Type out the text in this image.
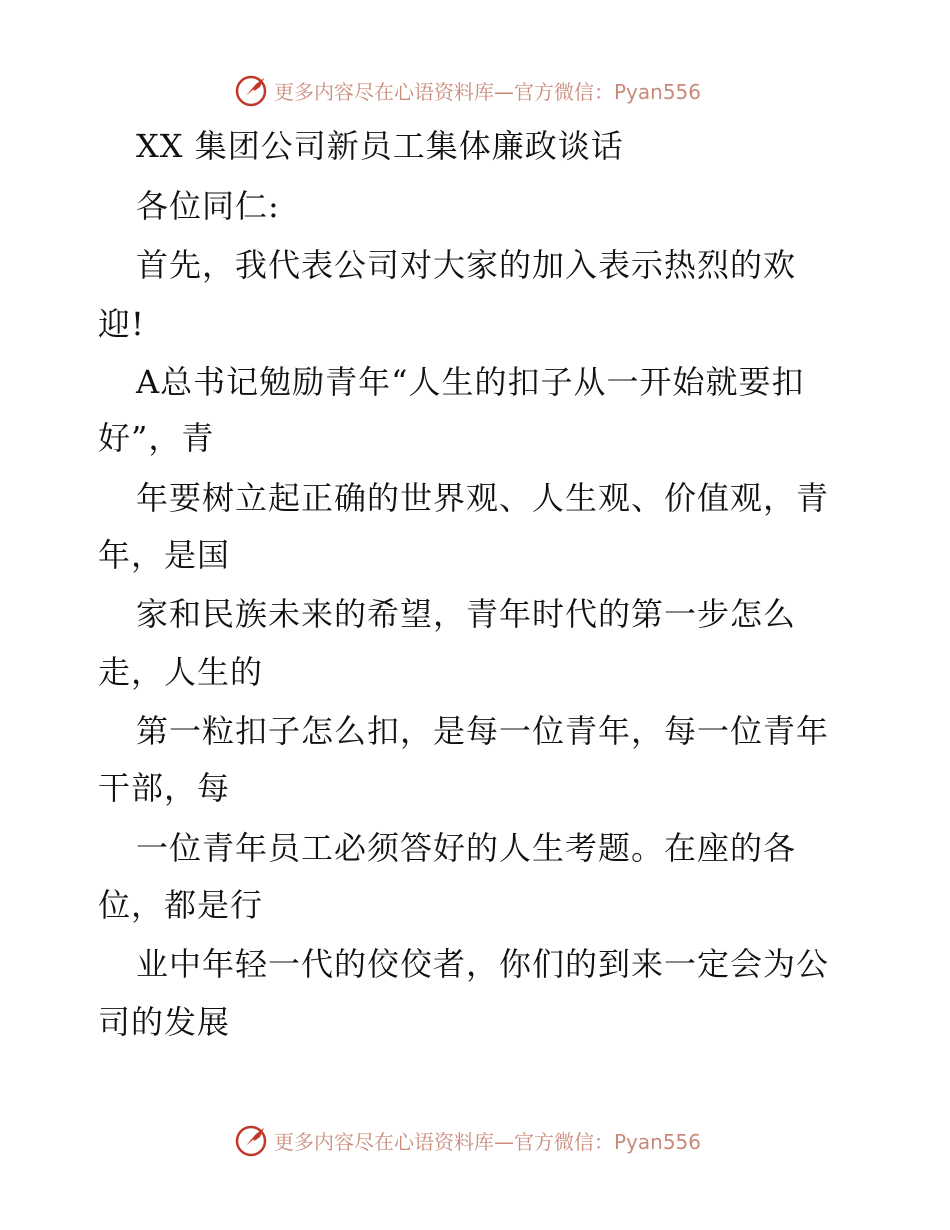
更多内容尽在心语资料库—官方微信：Pyan556
XX 集团公司新员工集体廉政谈话
各位同仁:
首先，我代表公司对大家的加入表示热烈的欢
迎!
A总书记勉励青年“人生的扣子从一开始就要扣
好”，青
年要树立起正确的世界观、人生观、价值观，青
年，是国
家和民族未来的希望，青年时代的第一步怎么
走，人生的
第一粒扣子怎么扣，是每一位青年，每一位青年
干部，每
一位青年员工必须答好的人生考题。在座的各
位，都是行
业中年轻一代的佼佼者，你们的到来一定会为公
司的发展
更多内容尽在心语资料库—官方微信：Pyan556
